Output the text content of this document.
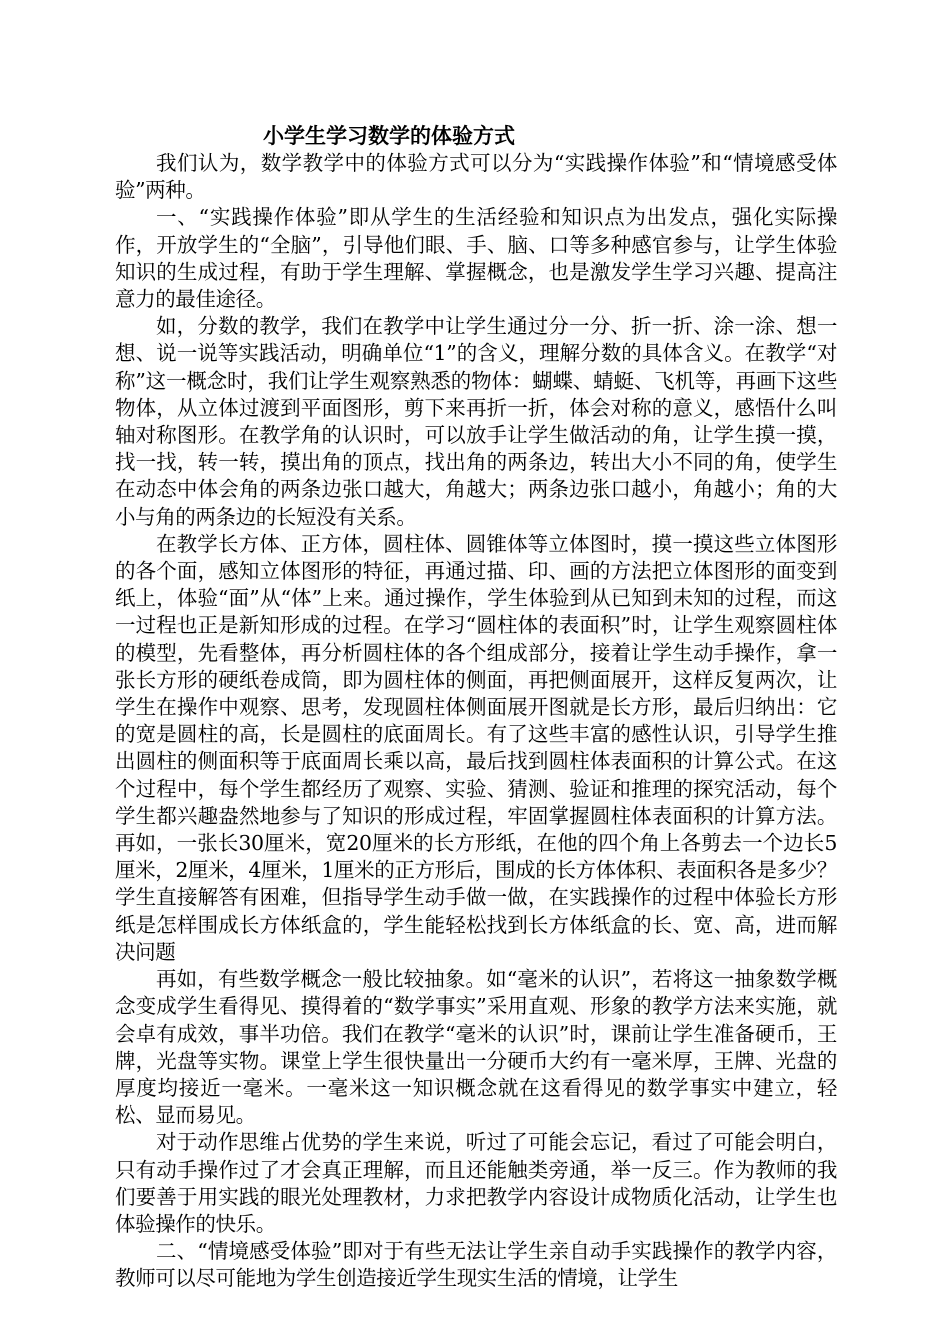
小学生学习数学的体验方式

我们认为，数学教学中的体验方式可以分为“实践操作体验”和“情境感受体验”两种。

一、“实践操作体验”即从学生的生活经验和知识点为出发点，强化实际操作，开放学生的“全脑”，引导他们眼、手、脑、口等多种感官参与，让学生体验知识的生成过程，有助于学生理解、掌握概念，也是激发学生学习兴趣、提高注意力的最佳途径。

如，分数的教学，我们在教学中让学生通过分一分、折一折、涂一涂、想一想、说一说等实践活动，明确单位“1”的含义，理解分数的具体含义。在教学“对称”这一概念时，我们让学生观察熟悉的物体：蝴蝶、蜻蜓、飞机等，再画下这些物体，从立体过渡到平面图形，剪下来再折一折，体会对称的意义，感悟什么叫轴对称图形。在教学角的认识时，可以放手让学生做活动的角，让学生摸一摸，找一找，转一转，摸出角的顶点，找出角的两条边，转出大小不同的角，使学生在动态中体会角的两条边张口越大，角越大；两条边张口越小，角越小；角的大小与角的两条边的长短没有关系。

在教学长方体、正方体，圆柱体、圆锥体等立体图时，摸一摸这些立体图形的各个面，感知立体图形的特征，再通过描、印、画的方法把立体图形的面变到纸上，体验“面”从“体”上来。通过操作，学生体验到从已知到未知的过程，而这一过程也正是新知形成的过程。在学习“圆柱体的表面积”时，让学生观察圆柱体的模型，先看整体，再分析圆柱体的各个组成部分，接着让学生动手操作，拿一张长方形的硬纸卷成筒，即为圆柱体的侧面，再把侧面展开，这样反复两次，让学生在操作中观察、思考，发现圆柱体侧面展开图就是长方形，最后归纳出：它的宽是圆柱的高，长是圆柱的底面周长。有了这些丰富的感性认识，引导学生推出圆柱的侧面积等于底面周长乘以高，最后找到圆柱体表面积的计算公式。在这个过程中，每个学生都经历了观察、实验、猜测、验证和推理的探究活动，每个学生都兴趣盎然地参与了知识的形成过程，牢固掌握圆柱体表面积的计算方法。再如，一张长30厘米，宽20厘米的长方形纸，在他的四个角上各剪去一个边长5厘米，2厘米，4厘米，1厘米的正方形后，围成的长方体体积、表面积各是多少？学生直接解答有困难，但指导学生动手做一做，在实践操作的过程中体验长方形纸是怎样围成长方体纸盒的，学生能轻松找到长方体纸盒的长、宽、高，进而解决问题

再如，有些数学概念一般比较抽象。如“毫米的认识”，若将这一抽象数学概念变成学生看得见、摸得着的“数学事实”采用直观、形象的教学方法来实施，就会卓有成效，事半功倍。我们在教学“毫米的认识”时，课前让学生准备硬币，王牌，光盘等实物。课堂上学生很快量出一分硬币大约有一毫米厚，王牌、光盘的厚度均接近一毫米。一毫米这一知识概念就在这看得见的数学事实中建立，轻松、显而易见。

对于动作思维占优势的学生来说，听过了可能会忘记，看过了可能会明白，只有动手操作过了才会真正理解，而且还能触类旁通，举一反三。作为教师的我们要善于用实践的眼光处理教材，力求把教学内容设计成物质化活动，让学生也体验操作的快乐。

二、“情境感受体验”即对于有些无法让学生亲自动手实践操作的教学内容，教师可以尽可能地为学生创造接近学生现实生活的情境，让学生
